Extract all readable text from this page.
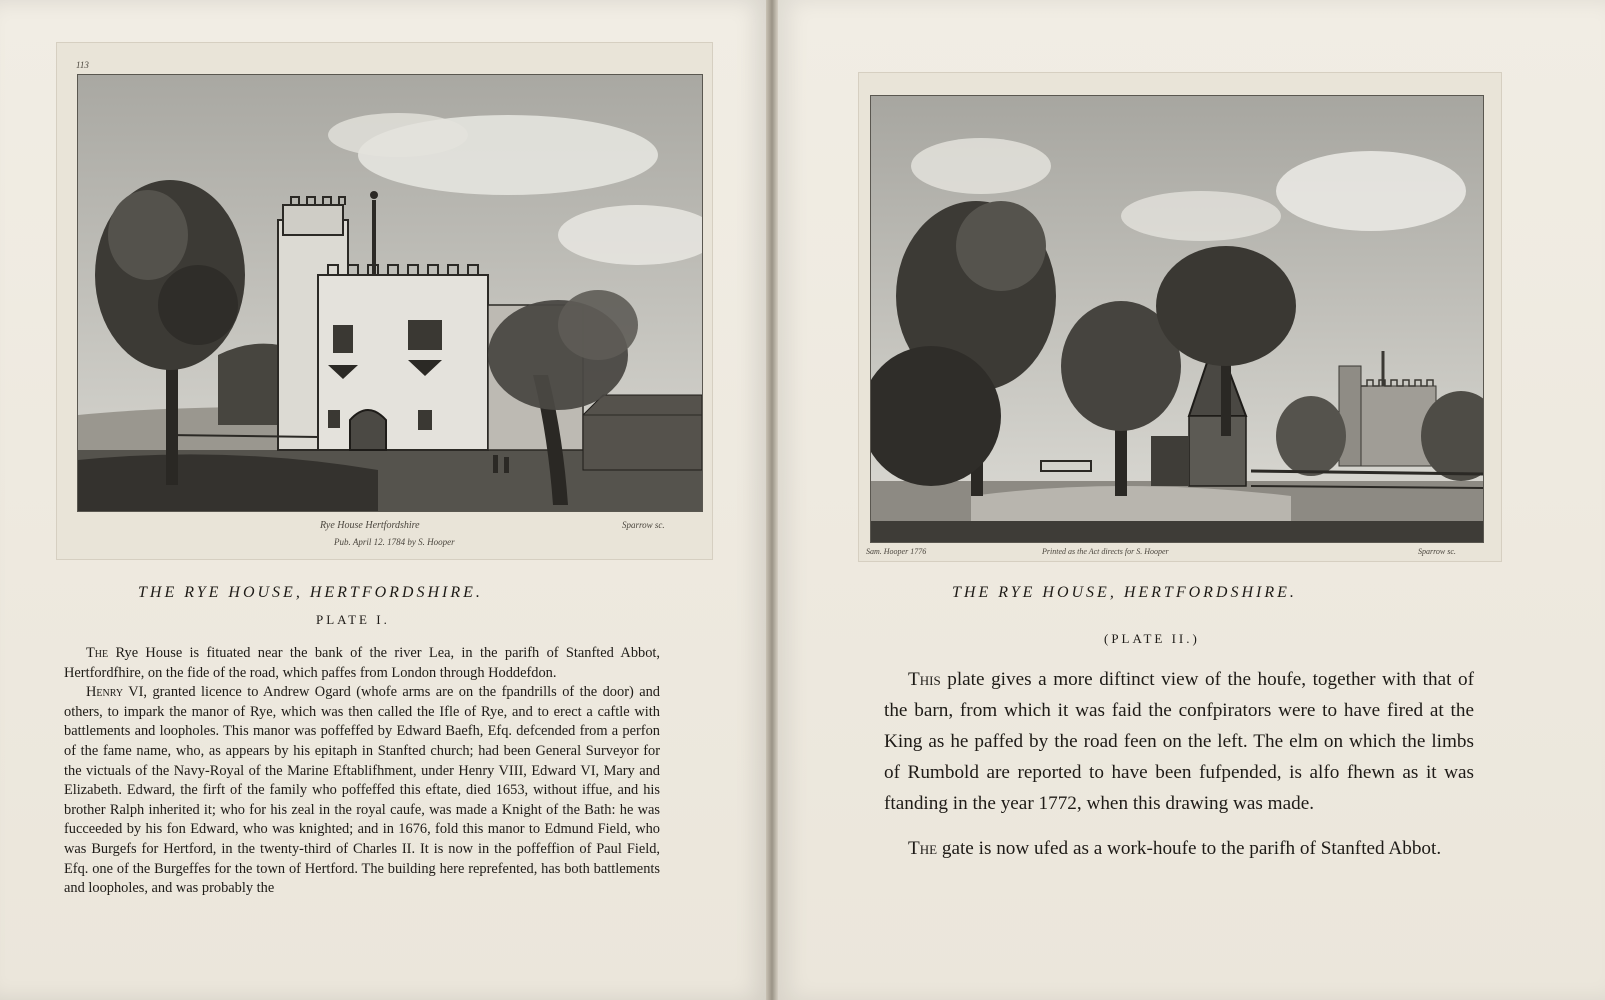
113
Rye House Hertfordshire	Sparrow sc.
Pub. April 12. 1784 by S. Hooper
THE RYE HOUSE, HERTFORDSHIRE.
PLATE I.

The Rye House is fituated near the bank of the river Lea, in the parifh of Stanfted Abbot, Hertfordfhire, on the fide of the road, which paffes from London through Hoddefdon.

Henry VI, granted licence to Andrew Ogard (whofe arms are on the fpandrills of the door) and others, to impark the manor of Rye, which was then called the Ifle of Rye, and to erect a caftle with battlements and loopholes. This manor was poffeffed by Edward Baefh, Efq. defcended from a perfon of the fame name, who, as appears by his epitaph in Stanfted church; had been General Surveyor for the victuals of the Navy-Royal of the Marine Eftablifhment, under Henry VIII, Edward VI, Mary and Elizabeth. Edward, the firft of the family who poffeffed this eftate, died 1653, without iffue, and his brother Ralph inherited it; who for his zeal in the royal caufe, was made a Knight of the Bath: he was fucceeded by his fon Edward, who was knighted; and in 1676, fold this manor to Edmund Field, who was Burgefs for Hertford, in the twenty-third of Charles II. It is now in the poffeffion of Paul Field, Efq. one of the Burgeffes for the town of Hertford. The building here reprefented, has both battlements and loopholes, and was probably the

Sam. Hooper 1776	Printed as the Act directs for S. Hooper	Sparrow sc.
THE RYE HOUSE, HERTFORDSHIRE.
(PLATE II.)

This plate gives a more diftinct view of the houfe, together with that of the barn, from which it was faid the confpirators were to have fired at the King as he paffed by the road feen on the left. The elm on which the limbs of Rumbold are reported to have been fufpended, is alfo fhewn as it was ftanding in the year 1772, when this drawing was made.

The gate is now ufed as a work-houfe to the parifh of Stanfted Abbot.
